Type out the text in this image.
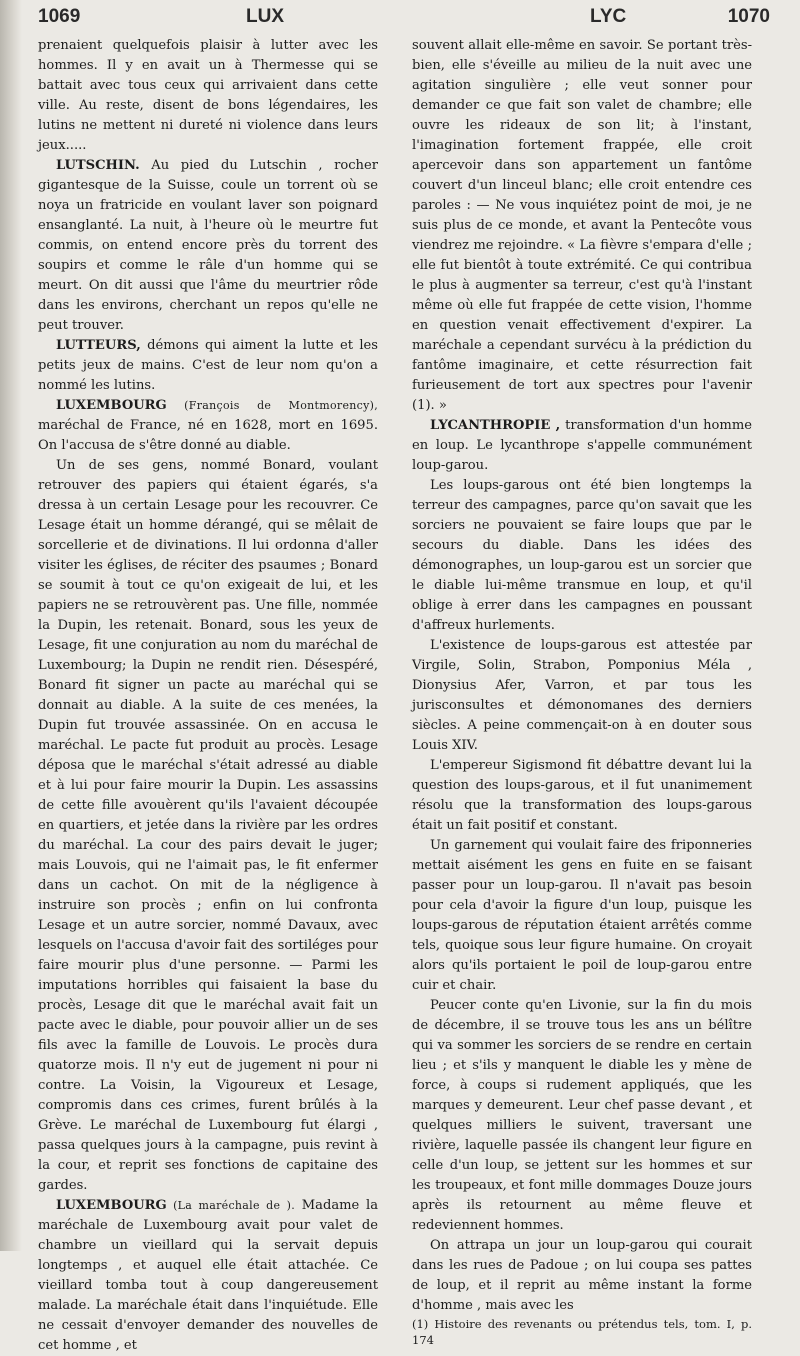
1069	LUX	LYC	1070

prenaient quelquefois plaisir à lutter avec les hommes. Il y en avait un à Thermesse qui se battait avec tous ceux qui arrivaient dans cette ville. Au reste, disent de bons légendaires, les lutins ne mettent ni dureté ni violence dans leurs jeux.....

LUTSCHIN. Au pied du Lutschin , rocher gigantesque de la Suisse, coule un torrent où se noya un fratricide en voulant laver son poignard ensanglanté. La nuit, à l'heure où le meurtre fut commis, on entend encore près du torrent des soupirs et comme le râle d'un homme qui se meurt. On dit aussi que l'âme du meurtrier rôde dans les environs, cherchant un repos qu'elle ne peut trouver.

LUTTEURS, démons qui aiment la lutte et les petits jeux de mains. C'est de leur nom qu'on a nommé les lutins.

LUXEMBOURG (François de Montmorency), maréchal de France, né en 1628, mort en 1695. On l'accusa de s'être donné au diable.

Un de ses gens, nommé Bonard, voulant retrouver des papiers qui étaient égarés, s'a dressa à un certain Lesage pour les recouvrer. Ce Lesage était un homme dérangé, qui se mêlait de sorcellerie et de divinations. Il lui ordonna d'aller visiter les églises, de réciter des psaumes ; Bonard se soumit à tout ce qu'on exigeait de lui, et les papiers ne se retrouvèrent pas. Une fille, nommée la Dupin, les retenait. Bonard, sous les yeux de Lesage, fit une conjuration au nom du maréchal de Luxembourg; la Dupin ne rendit rien. Désespéré, Bonard fit signer un pacte au maréchal qui se donnait au diable. A la suite de ces menées, la Dupin fut trouvée assassinée. On en accusa le maréchal. Le pacte fut produit au procès. Lesage déposa que le maréchal s'était adressé au diable et à lui pour faire mourir la Dupin. Les assassins de cette fille avouèrent qu'ils l'avaient découpée en quartiers, et jetée dans la rivière par les ordres du maréchal. La cour des pairs devait le juger; mais Louvois, qui ne l'aimait pas, le fit enfermer dans un cachot. On mit de la négligence à instruire son procès ; enfin on lui confronta Lesage et un autre sorcier, nommé Davaux, avec lesquels on l'accusa d'avoir fait des sortiléges pour faire mourir plus d'une personne. — Parmi les imputations horribles qui faisaient la base du procès, Lesage dit que le maréchal avait fait un pacte avec le diable, pour pouvoir allier un de ses fils avec la famille de Louvois. Le procès dura quatorze mois. Il n'y eut de jugement ni pour ni contre. La Voisin, la Vigoureux et Lesage, compromis dans ces crimes, furent brûlés à la Grève. Le maréchal de Luxembourg fut élargi , passa quelques jours à la campagne, puis revint à la cour, et reprit ses fonctions de capitaine des gardes.

LUXEMBOURG (La maréchale de ). Madame la maréchale de Luxembourg avait pour valet de chambre un vieillard qui la servait depuis longtemps , et auquel elle était attachée. Ce vieillard tomba tout à coup dangereusement malade. La maréchale était dans l'inquiétude. Elle ne cessait d'envoyer demander des nouvelles de cet homme , et

souvent allait elle-même en savoir. Se portant très-bien, elle s'éveille au milieu de la nuit avec une agitation singulière ; elle veut sonner pour demander ce que fait son valet de chambre; elle ouvre les rideaux de son lit; à l'instant, l'imagination fortement frappée, elle croit apercevoir dans son appartement un fantôme couvert d'un linceul blanc; elle croit entendre ces paroles : — Ne vous inquiétez point de moi, je ne suis plus de ce monde, et avant la Pentecôte vous viendrez me rejoindre. « La fièvre s'empara d'elle ; elle fut bientôt à toute extrémité. Ce qui contribua le plus à augmenter sa terreur, c'est qu'à l'instant même où elle fut frappée de cette vision, l'homme en question venait effectivement d'expirer. La maréchale a cependant survécu à la prédiction du fantôme imaginaire, et cette résurrection fait furieusement de tort aux spectres pour l'avenir (1). »

LYCANTHROPIE , transformation d'un homme en loup. Le lycanthrope s'appelle communément loup-garou.

Les loups-garous ont été bien longtemps la terreur des campagnes, parce qu'on savait que les sorciers ne pouvaient se faire loups que par le secours du diable. Dans les idées des démonographes, un loup-garou est un sorcier que le diable lui-même transmue en loup, et qu'il oblige à errer dans les campagnes en poussant d'affreux hurlements.

L'existence de loups-garous est attestée par Virgile, Solin, Strabon, Pomponius Méla , Dionysius Afer, Varron, et par tous les jurisconsultes et démonomanes des derniers siècles. A peine commençait-on à en douter sous Louis XIV.

L'empereur Sigismond fit débattre devant lui la question des loups-garous, et il fut unanimement résolu que la transformation des loups-garous était un fait positif et constant.

Un garnement qui voulait faire des friponneries mettait aisément les gens en fuite en se faisant passer pour un loup-garou. Il n'avait pas besoin pour cela d'avoir la figure d'un loup, puisque les loups-garous de réputation étaient arrêtés comme tels, quoique sous leur figure humaine. On croyait alors qu'ils portaient le poil de loup-garou entre cuir et chair.

Peucer conte qu'en Livonie, sur la fin du mois de décembre, il se trouve tous les ans un bélître qui va sommer les sorciers de se rendre en certain lieu ; et s'ils y manquent le diable les y mène de force, à coups si rudement appliqués, que les marques y demeurent. Leur chef passe devant , et quelques milliers le suivent, traversant une rivière, laquelle passée ils changent leur figure en celle d'un loup, se jettent sur les hommes et sur les troupeaux, et font mille dommages Douze jours après ils retournent au même fleuve et redeviennent hommes.

On attrapa un jour un loup-garou qui courait dans les rues de Padoue ; on lui coupa ses pattes de loup, et il reprit au même instant la forme d'homme , mais avec les

(1) Histoire des revenants ou prétendus tels, tom. I, p. 174
